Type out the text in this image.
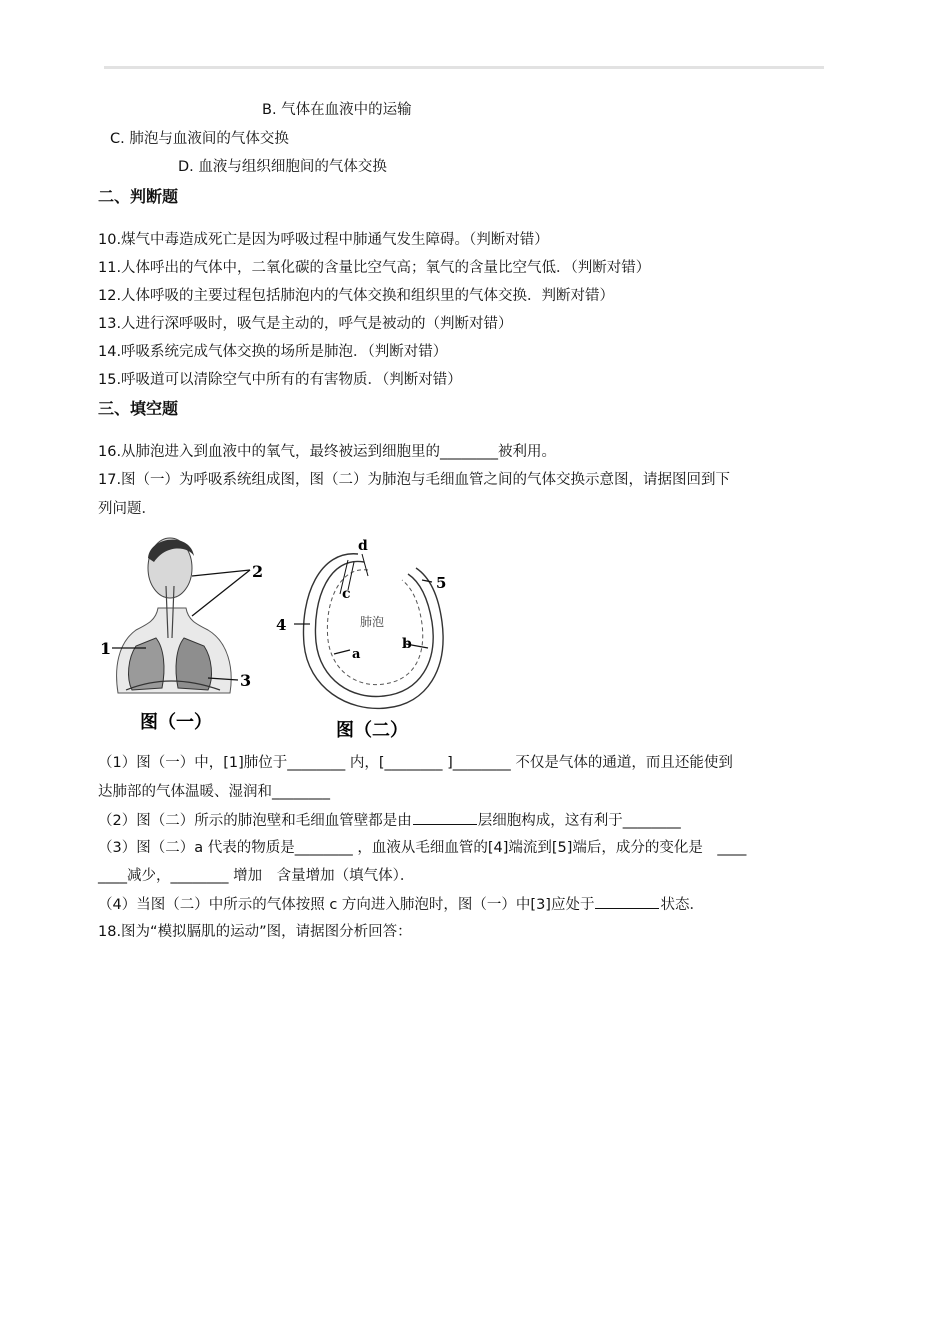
B. 气体在血液中的运输
C. 肺泡与血液间的气体交换
D. 血液与组织细胞间的气体交换
二、判断题
10.煤气中毒造成死亡是因为呼吸过程中肺通气发生障碍。（判断对错）
11.人体呼出的气体中，二氧化碳的含量比空气高；氧气的含量比空气低．（判断对错）
12.人体呼吸的主要过程包括肺泡内的气体交换和组织里的气体交换．判断对错）
13.人进行深呼吸时，吸气是主动的，呼气是被动的（判断对错）
14.呼吸系统完成气体交换的场所是肺泡．（判断对错）
15.呼吸道可以清除空气中所有的有害物质．（判断对错）
三、填空题
16.从肺泡进入到血液中的氧气，最终被运到细胞里的________被利用。
17.图（一）为呼吸系统组成图，图（二）为肺泡与毛细血管之间的气体交换示意图，请据图回到下
列问题．
2
1
3
图（一）
d
c
5
4
b
a
肺泡
图（二）
（1）图（一）中，[1]肺位于________ 内，[________ ]________ 不仅是气体的通道，而且还能使到
达肺部的气体温暖、湿润和________
（2）图（二）所示的肺泡壁和毛细血管壁都是由	层细胞构成，这有利于________
（3）图（二）a 代表的物质是________ ，血液从毛细血管的[4]端流到[5]端后，成分的变化是　____
____减少，________ 增加　含量增加（填气体）．
（4）当图（二）中所示的气体按照 c 方向进入肺泡时，图（一）中[3]应处于	状态．
18.图为“模拟膈肌的运动”图，请据图分析回答：
